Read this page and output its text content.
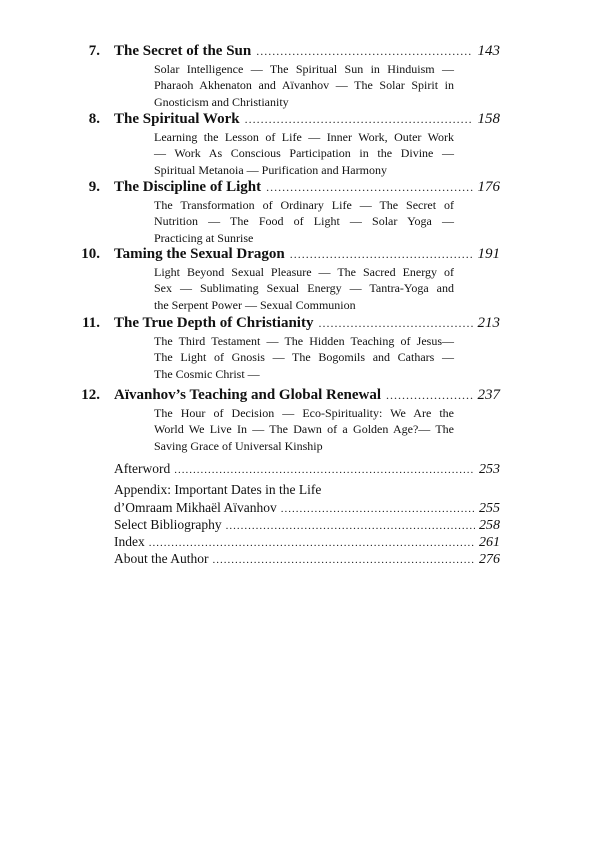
7. The Secret of the Sun .....	143
Solar Intelligence — The Spiritual Sun in Hinduism —
Pharaoh Akhenaton and Aïvanhov — The Solar Spirit in
Gnosticism and Christianity
8. The Spiritual Work .....	158
Learning the Lesson of Life — Inner Work, Outer Work
— Work As Conscious Participation in the Divine —
Spiritual Metanoia — Purification and Harmony
9. The Discipline of Light .....	176
The Transformation of Ordinary Life — The Secret of
Nutrition — The Food of Light — Solar Yoga —
Practicing at Sunrise
10. Taming the Sexual Dragon .....	191
Light Beyond Sexual Pleasure — The Sacred Energy of
Sex — Sublimating Sexual Energy — Tantra-Yoga and
the Serpent Power — Sexual Communion
11. The True Depth of Christianity .....	213
The Third Testament — The Hidden Teaching of Jesus—
The Light of Gnosis — The Bogomils and Cathars —
The Cosmic Christ —
12. Aïvanhov’s Teaching and Global Renewal .....	237
The Hour of Decision — Eco-Spirituality: We Are the
World We Live In — The Dawn of a Golden Age?— The
Saving Grace of Universal Kinship
Afterword .....	253
Appendix: Important Dates in the Life
d’Omraam Mikhaël Aïvanhov .....	255
Select Bibliography .....	258
Index .....	261
About the Author .....	276
